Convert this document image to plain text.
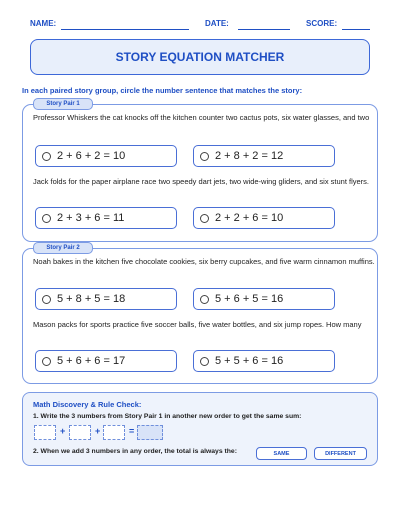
NAME:	DATE:	SCORE:
STORY EQUATION MATCHER
In each paired story group, circle the number sentence that matches the story:
Story Pair 1
Professor Whiskers the cat knocks off the kitchen counter two cactus pots, six water glasses, and two
2 + 6 + 2 = 10	2 + 8 + 2 = 12
Jack folds for the paper airplane race two speedy dart jets, two wide-wing gliders, and six stunt flyers.
2 + 3 + 6 = 11	2 + 2 + 6 = 10
Story Pair 2
Noah bakes in the kitchen five chocolate cookies, six berry cupcakes, and five warm cinnamon muffins.
5 + 8 + 5 = 18	5 + 6 + 5 = 16
Mason packs for sports practice five soccer balls, five water bottles, and six jump ropes. How many
5 + 6 + 6 = 17	5 + 5 + 6 = 16
Math Discovery & Rule Check:
1. Write the 3 numbers from Story Pair 1 in another new order to get the same sum:
+	+	=
2. When we add 3 numbers in any order, the total is always the:	SAME	DIFFERENT
